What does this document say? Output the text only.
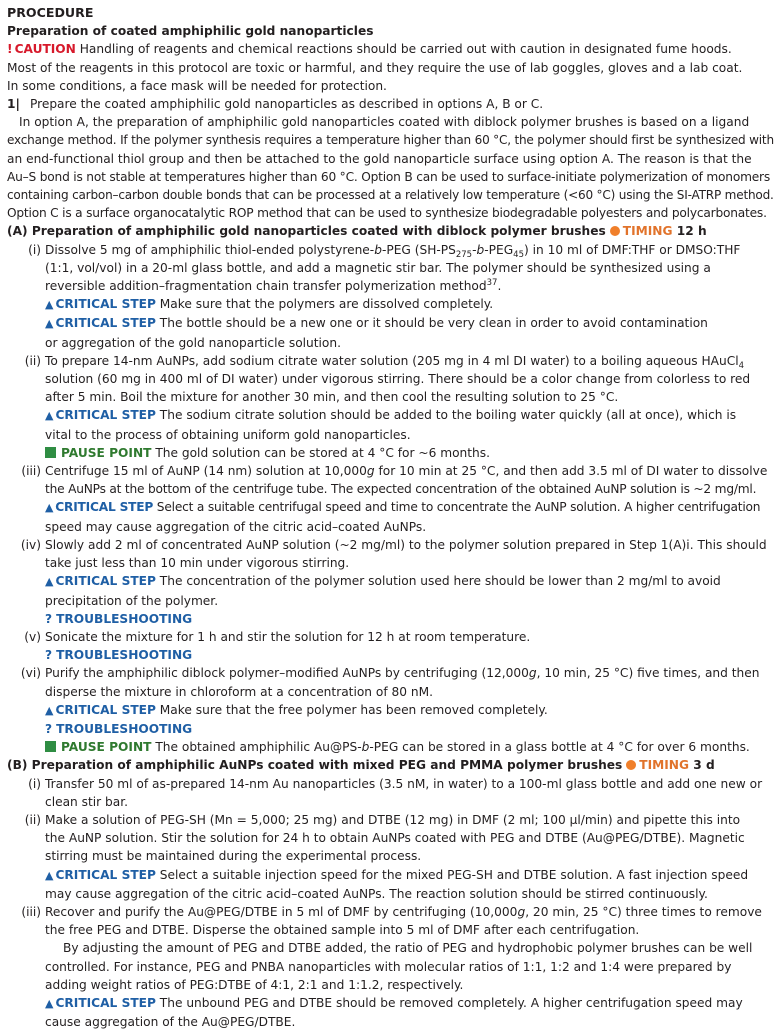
PROCEDURE
Preparation of coated amphiphilic gold nanoparticles
! CAUTION Handling of reagents and chemical reactions should be carried out with caution in designated fume hoods.
Most of the reagents in this protocol are toxic or harmful, and they require the use of lab goggles, gloves and a lab coat.
In some conditions, a face mask will be needed for protection.
1| Prepare the coated amphiphilic gold nanoparticles as described in options A, B or C.
In option A, the preparation of amphiphilic gold nanoparticles coated with diblock polymer brushes is based on a ligand
exchange method. If the polymer synthesis requires a temperature higher than 60 °C, the polymer should first be synthesized with
an end-functional thiol group and then be attached to the gold nanoparticle surface using option A. The reason is that the
Au–S bond is not stable at temperatures higher than 60 °C. Option B can be used to surface-initiate polymerization of monomers
containing carbon–carbon double bonds that can be processed at a relatively low temperature (<60 °C) using the SI-ATRP method.
Option C is a surface organocatalytic ROP method that can be used to synthesize biodegradable polyesters and polycarbonates.
(A) Preparation of amphiphilic gold nanoparticles coated with diblock polymer brushes TIMING 12 h
(i) Dissolve 5 mg of amphiphilic thiol-ended polystyrene-b-PEG $(SH-PS_{275}-b-PEG_{45})$ in 10 ml of DMF:THF or DMSO:THF
(1:1, vol/vol) in a 20-ml glass bottle, and add a magnetic stir bar. The polymer should be synthesized using a
reversible addition–fragmentation chain transfer polymerization method$^{37}$.
▲ CRITICAL STEP Make sure that the polymers are dissolved completely.
▲ CRITICAL STEP The bottle should be a new one or it should be very clean in order to avoid contamination
or aggregation of the gold nanoparticle solution.
(ii) To prepare 14-nm AuNPs, add sodium citrate water solution (205 mg in 4 ml DI water) to a boiling aqueous HAuCl$_4$
solution (60 mg in 400 ml of DI water) under vigorous stirring. There should be a color change from colorless to red
after 5 min. Boil the mixture for another 30 min, and then cool the resulting solution to 25 °C.
▲ CRITICAL STEP The sodium citrate solution should be added to the boiling water quickly (all at once), which is
vital to the process of obtaining uniform gold nanoparticles.
PAUSE POINT The gold solution can be stored at 4 °C for ~6 months.
(iii) Centrifuge 15 ml of AuNP (14 nm) solution at 10,000g for 10 min at 25 °C, and then add 3.5 ml of DI water to dissolve
the AuNPs at the bottom of the centrifuge tube. The expected concentration of the obtained AuNP solution is ~2 mg/ml.
▲ CRITICAL STEP Select a suitable centrifugal speed and time to concentrate the AuNP solution. A higher centrifugation
speed may cause aggregation of the citric acid–coated AuNPs.
(iv) Slowly add 2 ml of concentrated AuNP solution (~2 mg/ml) to the polymer solution prepared in Step 1(A)i. This should
take just less than 10 min under vigorous stirring.
▲ CRITICAL STEP The concentration of the polymer solution used here should be lower than 2 mg/ml to avoid
precipitation of the polymer.
? TROUBLESHOOTING
(v) Sonicate the mixture for 1 h and stir the solution for 12 h at room temperature.
? TROUBLESHOOTING
(vi) Purify the amphiphilic diblock polymer–modified AuNPs by centrifuging (12,000g, 10 min, 25 °C) five times, and then
disperse the mixture in chloroform at a concentration of 80 nM.
▲ CRITICAL STEP Make sure that the free polymer has been removed completely.
? TROUBLESHOOTING
PAUSE POINT The obtained amphiphilic Au@PS-b-PEG can be stored in a glass bottle at 4 °C for over 6 months.
(B) Preparation of amphiphilic AuNPs coated with mixed PEG and PMMA polymer brushes TIMING 3 d
(i) Transfer 50 ml of as-prepared 14-nm Au nanoparticles (3.5 nM, in water) to a 100-ml glass bottle and add one new or
clean stir bar.
(ii) Make a solution of PEG-SH (Mn = 5,000; 25 mg) and DTBE (12 mg) in DMF (2 ml; 100 µl/min) and pipette this into
the AuNP solution. Stir the solution for 24 h to obtain AuNPs coated with PEG and DTBE (Au@PEG/DTBE). Magnetic
stirring must be maintained during the experimental process.
▲ CRITICAL STEP Select a suitable injection speed for the mixed PEG-SH and DTBE solution. A fast injection speed
may cause aggregation of the citric acid–coated AuNPs. The reaction solution should be stirred continuously.
(iii) Recover and purify the Au@PEG/DTBE in 5 ml of DMF by centrifuging (10,000g, 20 min, 25 °C) three times to remove
the free PEG and DTBE. Disperse the obtained sample into 5 ml of DMF after each centrifugation.
By adjusting the amount of PEG and DTBE added, the ratio of PEG and hydrophobic polymer brushes can be well
controlled. For instance, PEG and PNBA nanoparticles with molecular ratios of 1:1, 1:2 and 1:4 were prepared by
adding weight ratios of PEG:DTBE of 4:1, 2:1 and 1:1.2, respectively.
▲ CRITICAL STEP The unbound PEG and DTBE should be removed completely. A higher centrifugation speed may
cause aggregation of the Au@PEG/DTBE.
